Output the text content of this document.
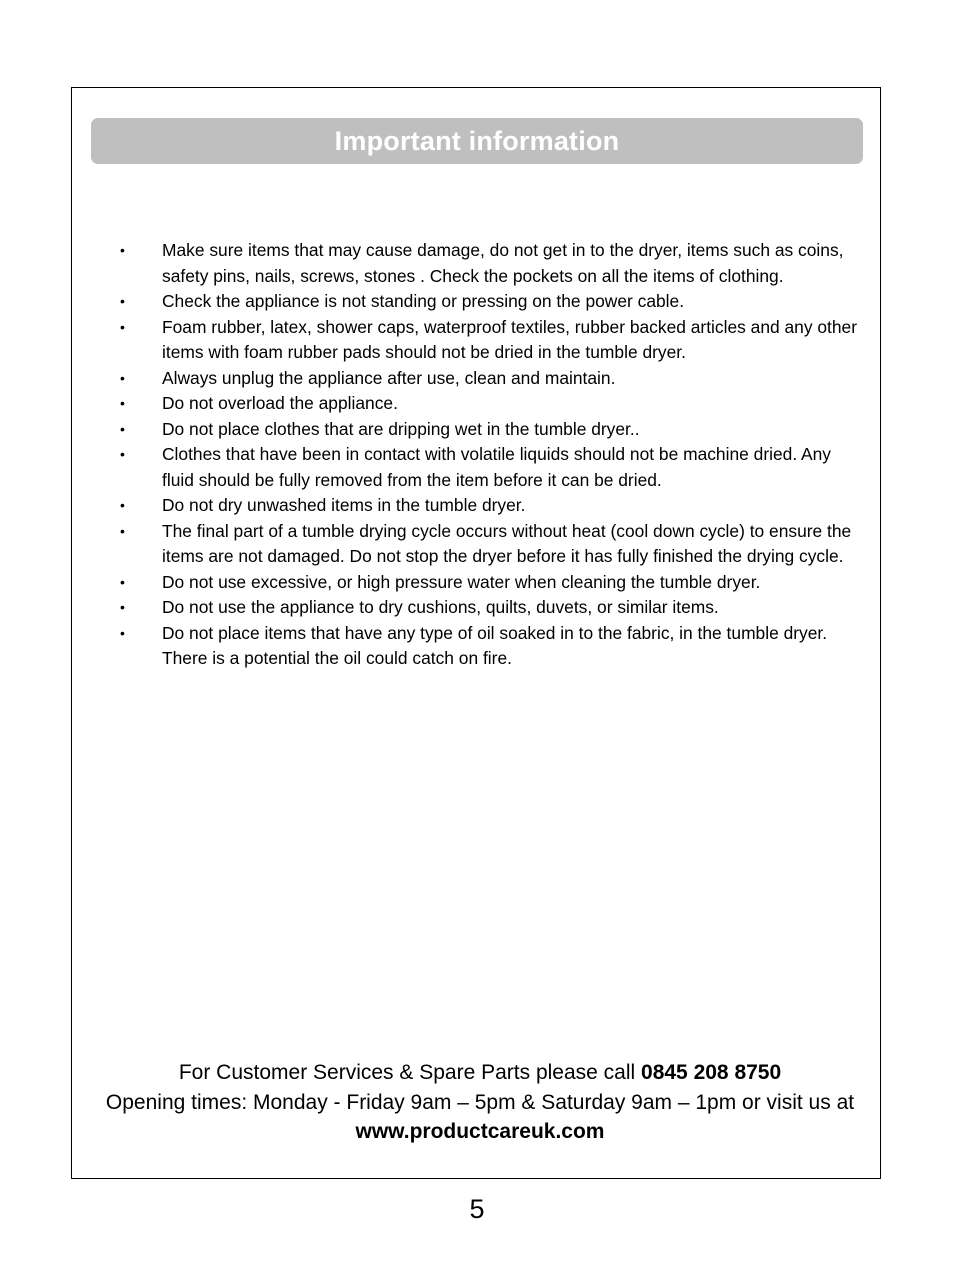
Important information
• Make sure items that may cause damage, do not get in to the dryer, items such as coins, safety pins, nails, screws, stones . Check the pockets on all the items of clothing.
• Check the appliance is not standing or pressing on the power cable.
• Foam rubber, latex, shower caps, waterproof textiles, rubber backed articles and any other items with foam rubber pads should not be dried in the tumble dryer.
• Always unplug the appliance after use, clean and maintain.
• Do not overload the appliance.
• Do not place clothes that are dripping wet in the tumble dryer..
• Clothes that have been in contact with volatile liquids should not be machine dried. Any fluid should be fully removed from the item before it can be dried.
• Do not dry unwashed items in the tumble dryer.
• The final part of a tumble drying cycle occurs without heat (cool down cycle) to ensure the items are not damaged. Do not stop the dryer before it has fully finished the drying cycle.
• Do not use excessive, or high pressure water when cleaning the tumble dryer.
• Do not use the appliance to dry cushions, quilts, duvets, or similar items.
• Do not place items that have any type of oil soaked in to the fabric, in the tumble dryer. There is a potential the oil could catch on fire.
For Customer Services & Spare Parts please call 0845 208 8750
Opening times: Monday - Friday 9am – 5pm & Saturday 9am – 1pm or visit us at www.productcareuk.com
5
